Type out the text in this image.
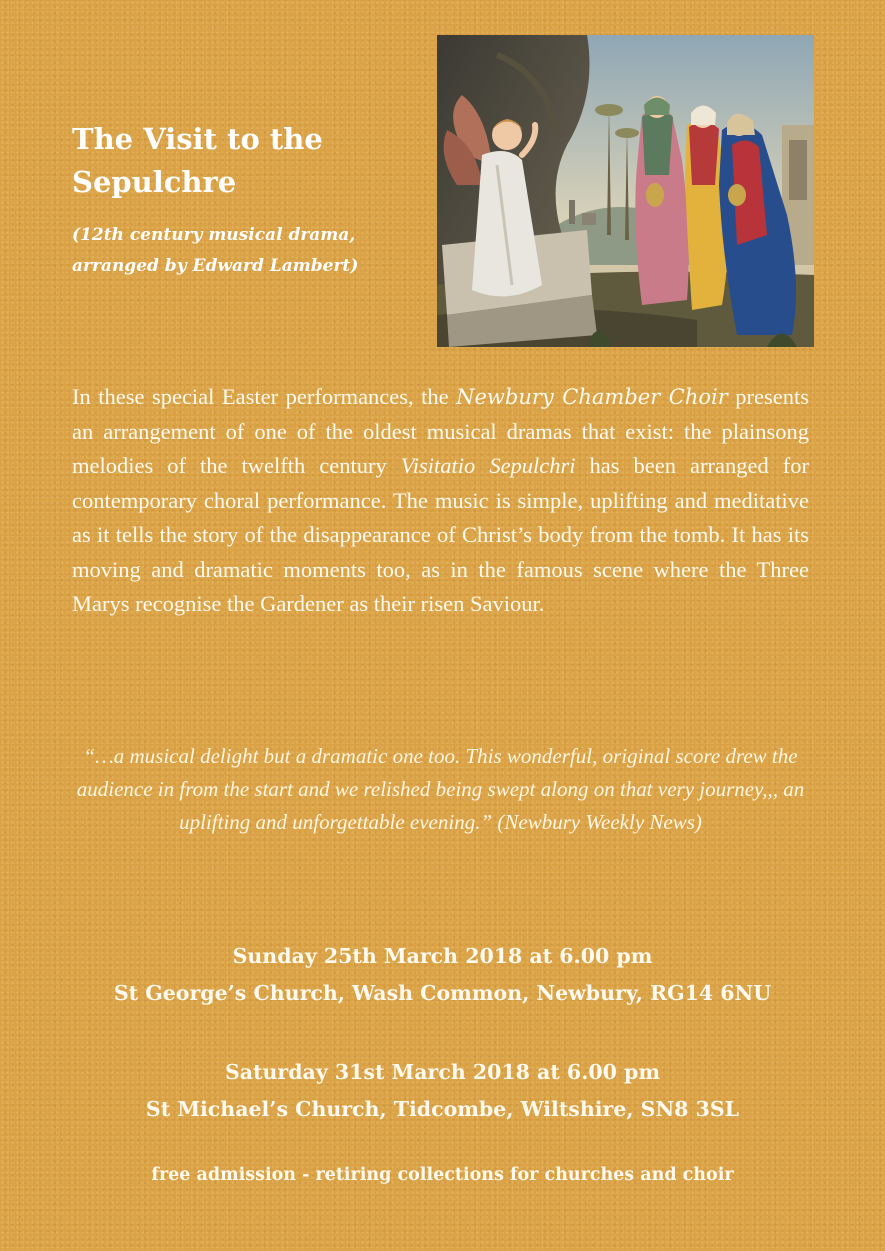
The Visit to the Sepulchre
(12th century musical drama, arranged by Edward Lambert)

In these special Easter performances, the Newbury Chamber Choir presents an arrangement of one of the oldest musical dramas that exist: the plainsong melodies of the twelfth century Visitatio Sepulchri has been arranged for contemporary choral performance. The music is simple, uplifting and meditative as it tells the story of the disappearance of Christ’s body from the tomb. It has its moving and dramatic moments too, as in the famous scene where the Three Marys recognise the Gardener as their risen Saviour.

“…a musical delight but a dramatic one too. This wonderful, original score drew the audience in from the start and we relished being swept along on that very journey,,, an uplifting and unforgettable evening.” (Newbury Weekly News)

Sunday 25th March 2018 at 6.00 pm
St George’s Church, Wash Common, Newbury, RG14 6NU
Saturday 31st March 2018 at 6.00 pm
St Michael’s Church, Tidcombe, Wiltshire, SN8 3SL
free admission - retiring collections for churches and choir
